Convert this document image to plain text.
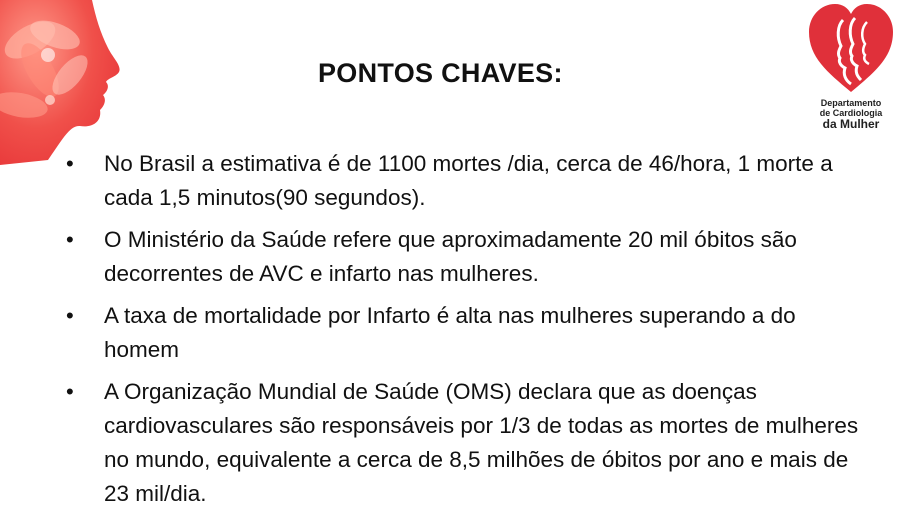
Departamento
de Cardiologia
da Mulher
PONTOS CHAVES:
• No Brasil a estimativa é de 1100 mortes /dia, cerca de 46/hora, 1 morte a cada 1,5 minutos(90 segundos).
• O Ministério da Saúde refere que aproximadamente 20 mil óbitos são decorrentes de AVC e infarto nas mulheres.
• A taxa de mortalidade por Infarto é alta nas mulheres superando a do homem
• A Organização Mundial de Saúde (OMS) declara que as doenças cardiovasculares são responsáveis por 1/3 de todas as mortes de mulheres no mundo, equivalente a cerca de 8,5 milhões de óbitos por ano e mais de 23 mil/dia.
